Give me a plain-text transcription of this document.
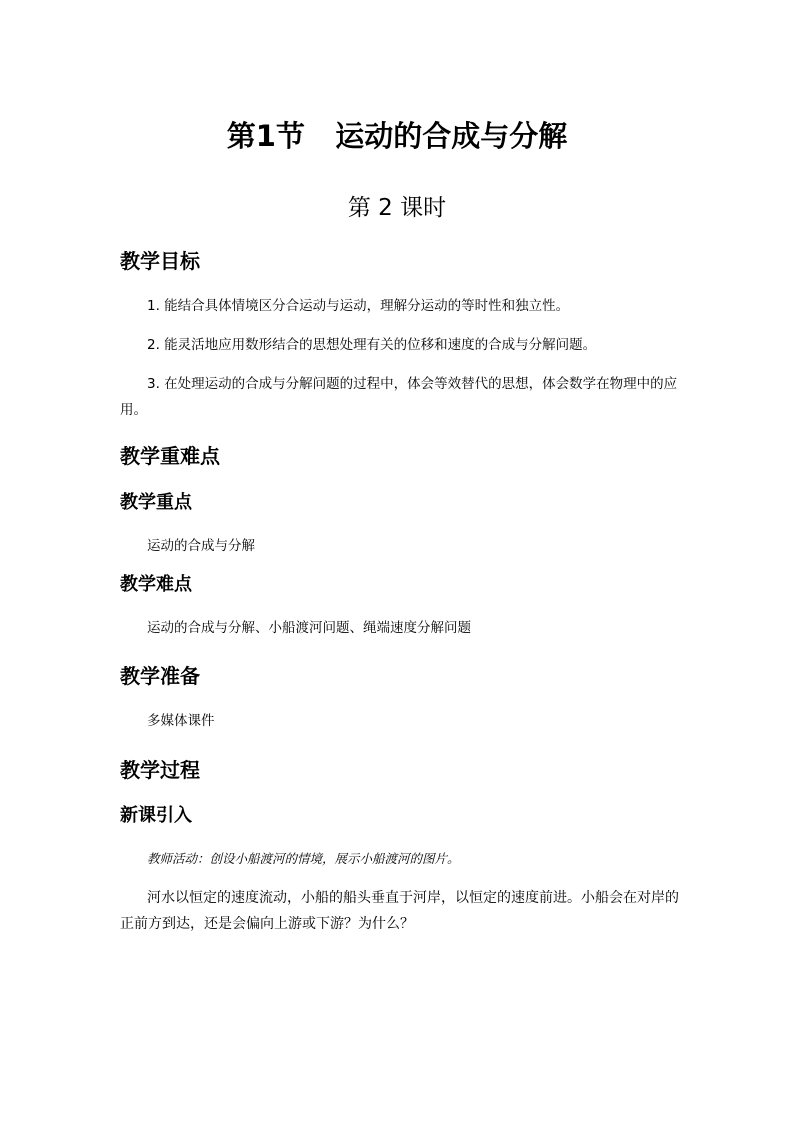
第1节   运动的合成与分解
第 2 课时
教学目标
1. 能结合具体情境区分合运动与运动，理解分运动的等时性和独立性。
2. 能灵活地应用数形结合的思想处理有关的位移和速度的合成与分解问题。
3. 在处理运动的合成与分解问题的过程中，体会等效替代的思想，体会数学在物理中的应用。
教学重难点
教学重点
运动的合成与分解
教学难点
运动的合成与分解、小船渡河问题、绳端速度分解问题
教学准备
多媒体课件
教学过程
新课引入
教师活动：创设小船渡河的情境，展示小船渡河的图片。
河水以恒定的速度流动，小船的船头垂直于河岸，以恒定的速度前进。小船会在对岸的正前方到达，还是会偏向上游或下游？为什么？
